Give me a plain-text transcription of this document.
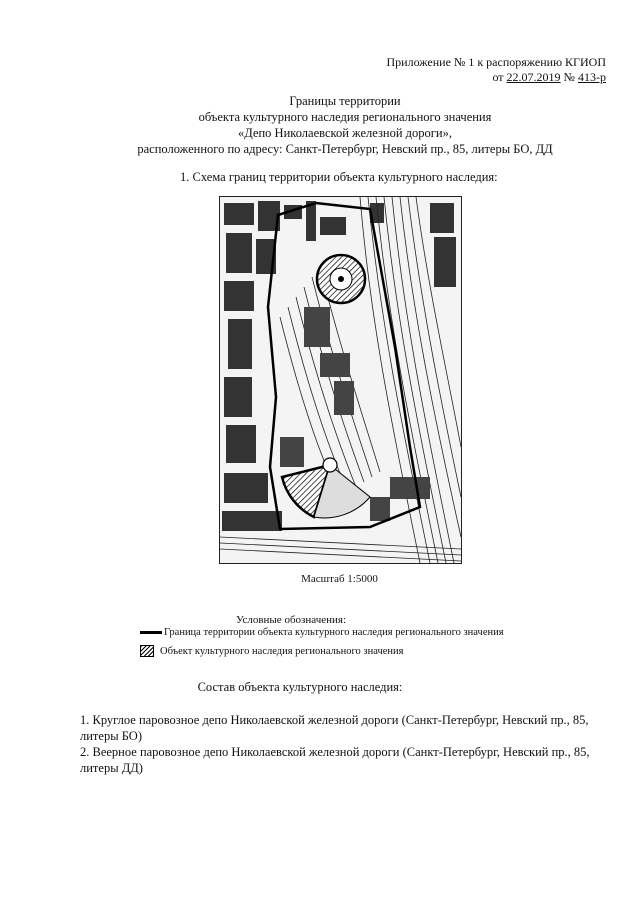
Приложение № 1 к распоряжению КГИОП
от 22.07.2019 № 413-р
Границы территории
объекта культурного наследия регионального значения
«Депо Николаевской железной дороги»,
расположенного по адресу: Санкт-Петербург, Невский пр., 85, литеры БО, ДД
1. Схема границ территории объекта культурного наследия:
Масштаб 1:5000
Условные обозначения:
Граница территории объекта культурного наследия регионального значения
Объект культурного наследия регионального значения
Состав объекта культурного наследия:
1. Круглое паровозное депо Николаевской железной дороги (Санкт-Петербург, Невский пр., 85, литеры БО)
2. Веерное паровозное депо Николаевской железной дороги (Санкт-Петербург, Невский пр., 85, литеры ДД)
